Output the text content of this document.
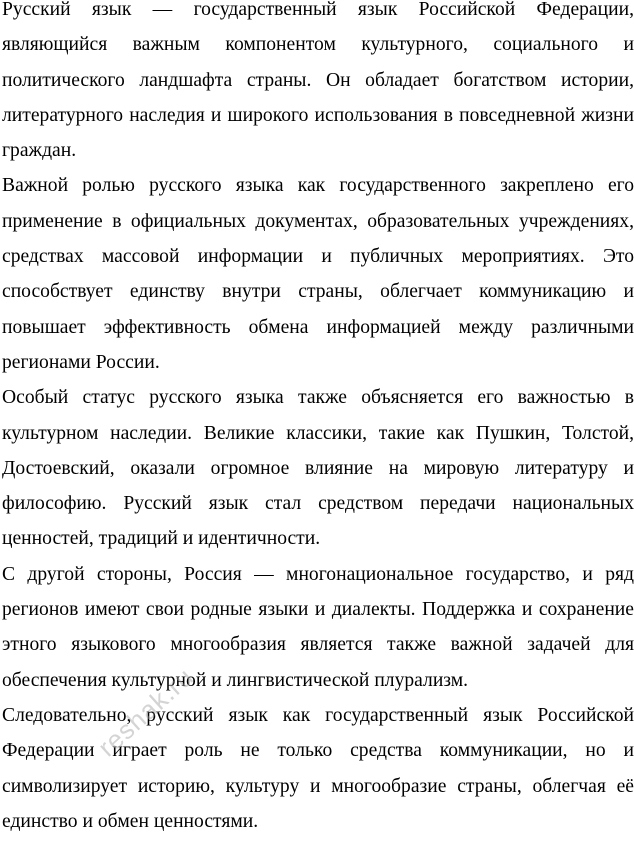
Русский язык — государственный язык Российской Федерации, являющийся важным компонентом культурного, социального и политического ландшафта страны. Он обладает богатством истории, литературного наследия и широкого использования в повседневной жизни граждан.

Важной ролью русского языка как государственного закреплено его применение в официальных документах, образовательных учреждениях, средствах массовой информации и публичных мероприятиях. Это способствует единству внутри страны, облегчает коммуникацию и повышает эффективность обмена информацией между различными регионами России.

Особый статус русского языка также объясняется его важностью в культурном наследии. Великие классики, такие как Пушкин, Толстой, Достоевский, оказали огромное влияние на мировую литературу и философию. Русский язык стал средством передачи национальных ценностей, традиций и идентичности.

С другой стороны, Россия — многонациональное государство, и ряд регионов имеют свои родные языки и диалекты. Поддержка и сохранение этного языкового многообразия является также важной задачей для обеспечения культурной и лингвистической плурализм.

Следовательно, русский язык как государственный язык Российской Федерации играет роль не только средства коммуникации, но и символизирует историю, культуру и многообразие страны, облегчая её единство и обмен ценностями.

reshak.ru
